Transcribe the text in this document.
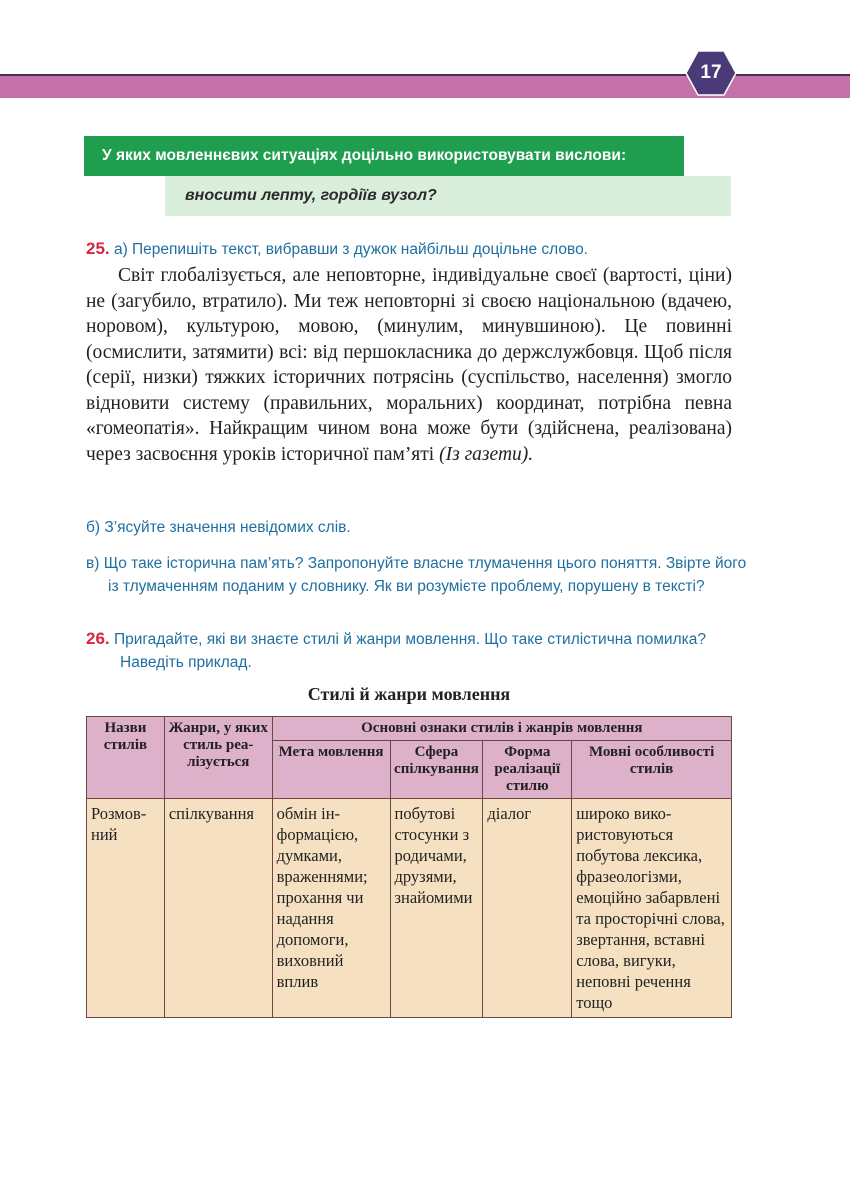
17
У яких мовленнєвих ситуаціях доцільно використовувати вислови:
вносити лепту, гордіїв вузол?
25. а) Перепишіть текст, вибравши з дужок найбільш доцільне слово.
Світ глобалізується, але неповторне, індивідуальне своєї (вартості, ціни) не (загубило, втратило). Ми теж неповторні зі своєю національною (вдачею, норовом), культурою, мовою, (минулим, минувшиною). Це повинні (осмислити, затямити) всі: від першокласника до держслужбовця. Щоб після (серії, низки) тяжких історичних потрясінь (суспільство, населення) змогло відновити систему (правильних, моральних) координат, потрібна певна «гомеопатія». Найкращим чином вона може бути (здійснена, реалізована) через засвоєння уроків історичної пам’яті (Із газети).
б) З’ясуйте значення невідомих слів.
в) Що таке історична пам’ять? Запропонуйте власне тлумачення цього поняття. Звірте його із тлумаченням поданим у словнику. Як ви розумієте проблему, порушену в тексті?
26. Пригадайте, які ви знаєте стилі й жанри мовлення. Що таке стилістична помилка? Наведіть приклад.
Стилі й жанри мовлення
Назви стилів	Жанри, у яких стиль реалізується	Основні ознаки стилів і жанрів мовлення			
		Мета мовлення	Сфера спілкування	Форма реалізації стилю	Мовні особливості стилів
Розмовний	спілкування	обмін інформацією, думками, враженнями; прохання чи надання допомоги, виховний вплив	побутові стосунки з родичами, друзями, знайомими	діалог	широко використовуються побутова лексика, фразеологізми, емоційно забарвлені та просторічні слова, звертання, вставні слова, вигуки, неповні речення тощо
